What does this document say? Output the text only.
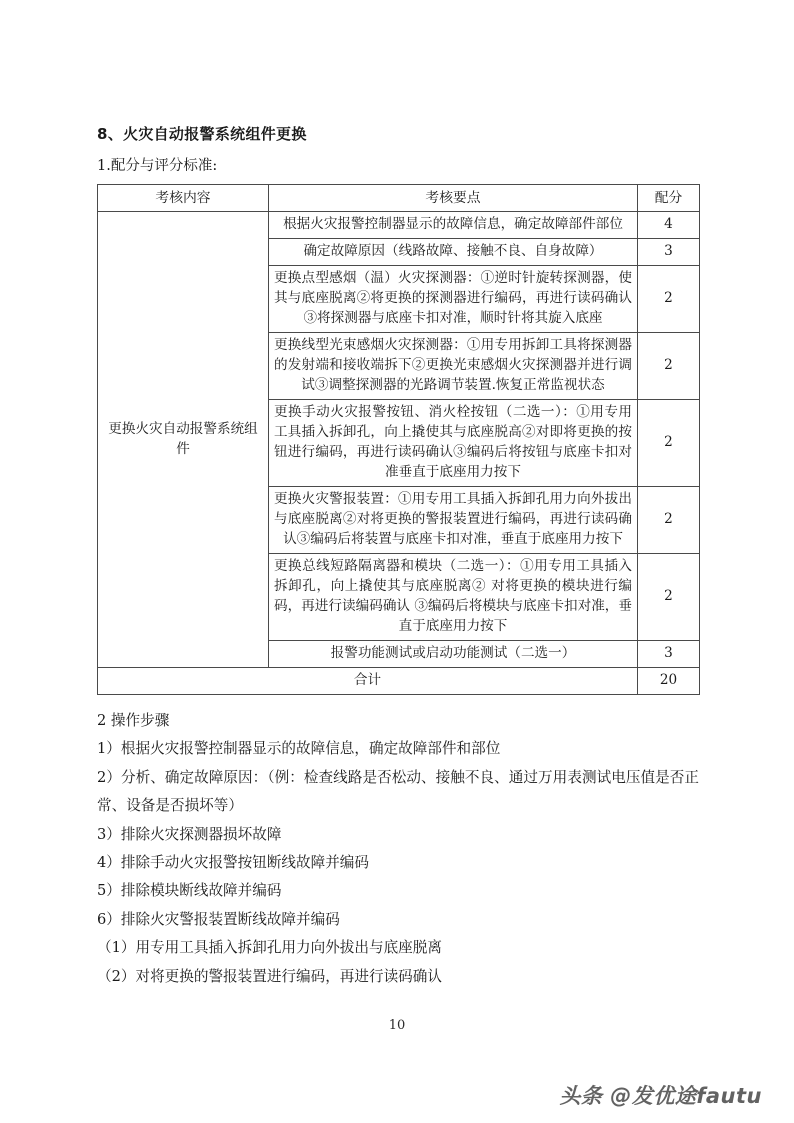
8、火灾自动报警系统组件更换

1.配分与评分标准:

考核内容	考核要点	配分
更换火灾自动报警系统组件	根据火灾报警控制器显示的故障信息，确定故障部件部位	4
	确定故障原因（线路故障、接触不良、自身故障）	3
	更换点型感烟（温）火灾探测器：①逆时针旋转探测器，使其与底座脱离②将更换的探测器进行编码，再进行读码确认③将探测器与底座卡扣对准，顺时针将其旋入底座	2
	更换线型光束感烟火灾探测器：①用专用拆卸工具将探测器的发射端和接收端拆下②更换光束感烟火灾探测器并进行调试③调整探测器的光路调节装置.恢复正常监视状态	2
	更换手动火灾报警按钮、消火栓按钮（二选一）：①用专用工具插入拆卸孔，向上撬使其与底座脱高②对即将更换的按钮进行编码，再进行读码确认③编码后将按钮与底座卡扣对准垂直于底座用力按下	2
	更换火灾警报装置：①用专用工具插入拆卸孔用力向外拔出与底座脱离②对将更换的警报装置进行编码，再进行读码确认③编码后将装置与底座卡扣对准，垂直于底座用力按下	2
	更换总线短路隔离器和模块（二选一）：①用专用工具插入拆卸孔，向上撬使其与底座脱离② 对将更换的模块进行编码，再进行读编码确认 ③编码后将模块与底座卡扣对准，垂直于底座用力按下	2
	报警功能测试或启动功能测试（二选一）	3
合计		20

2 操作步骤

1）根据火灾报警控制器显示的故障信息，确定故障部件和部位

2）分析、确定故障原因：（例：检查线路是否松动、接触不良、通过万用表测试电压值是否正常、设备是否损坏等）

3）排除火灾探测器损坏故障

4）排除手动火灾报警按钮断线故障并编码

5）排除模块断线故障并编码

6）排除火灾警报装置断线故障并编码

（1）用专用工具插入拆卸孔用力向外拔出与底座脱离

（2）对将更换的警报装置进行编码，再进行读码确认

10
头条 @发优途fautu
